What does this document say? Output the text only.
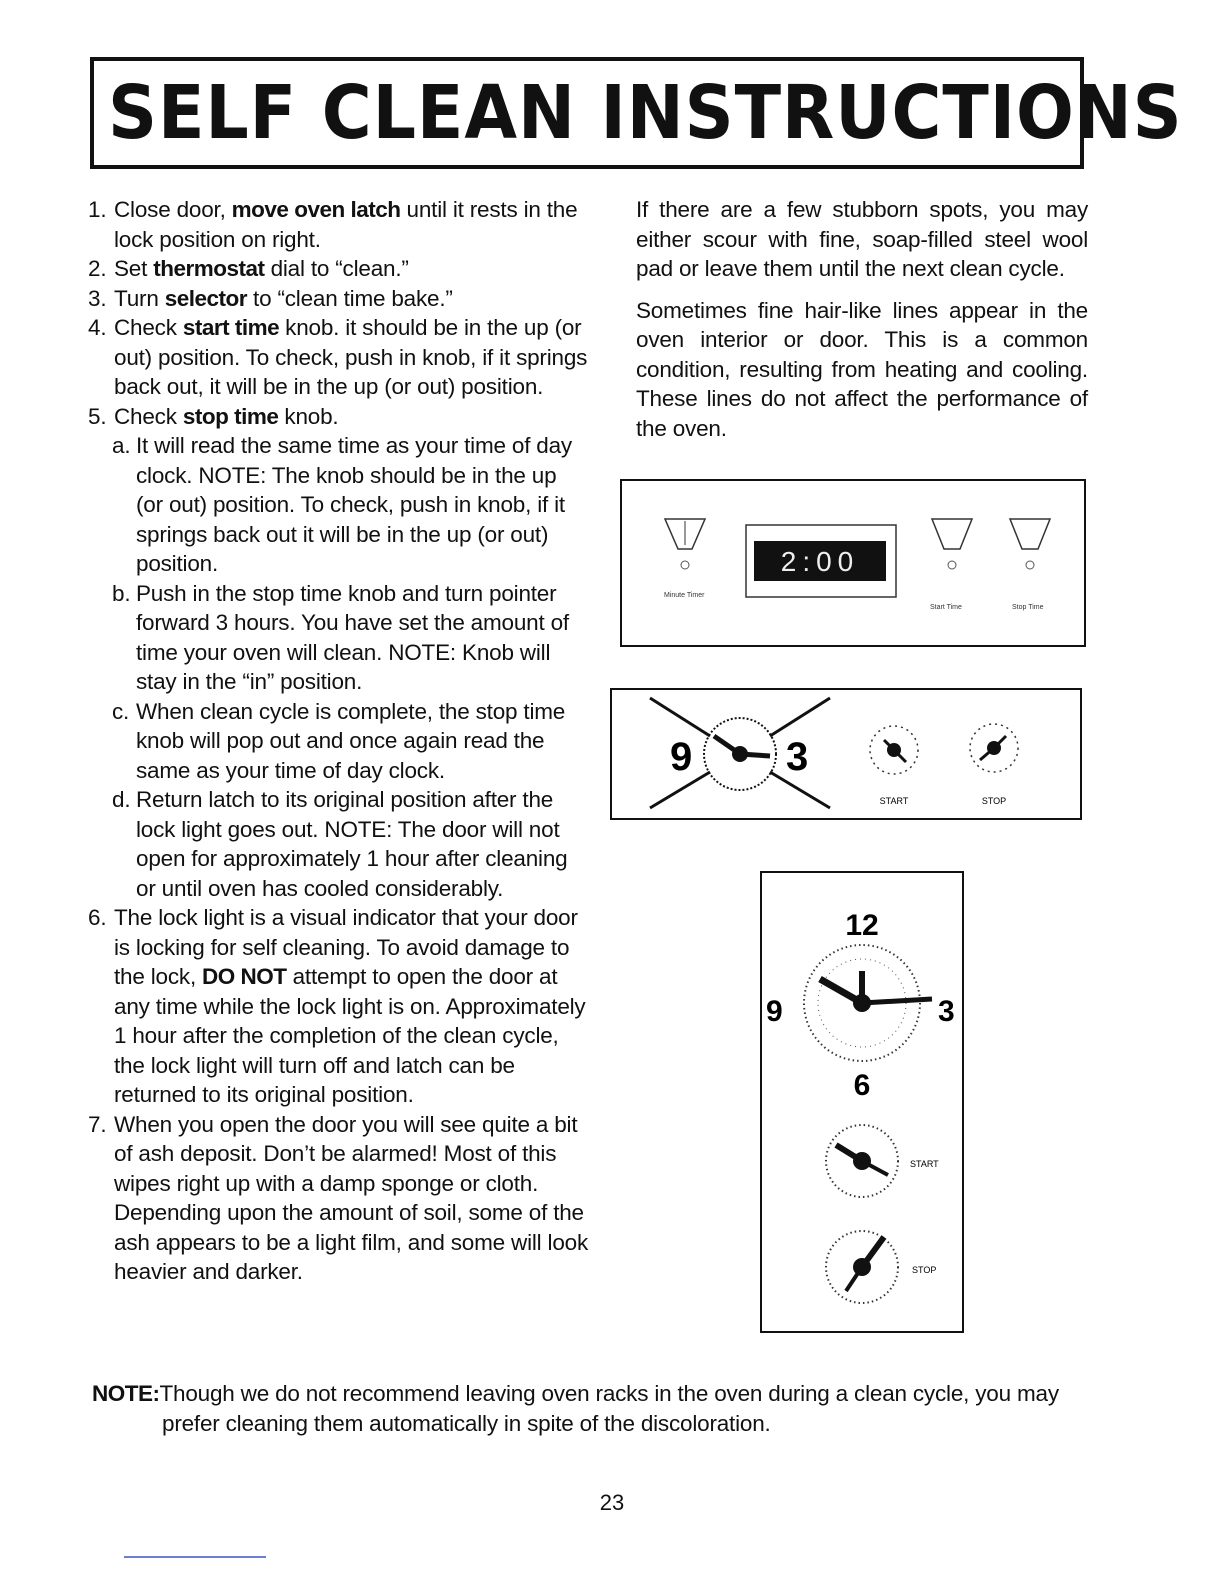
SELF CLEAN INSTRUCTIONS
1. Close door, move oven latch until it rests in the lock position on right.
2. Set thermostat dial to “clean.”
3. Turn selector to “clean time bake.”
4. Check start time knob. it should be in the up (or out) position. To check, push in knob, if it springs back out, it will be in the up (or out) position.
5. Check stop time knob.
a. It will read the same time as your time of day clock. NOTE: The knob should be in the up (or out) position. To check, push in knob, if it springs back out it will be in the up (or out) position.
b. Push in the stop time knob and turn pointer forward 3 hours. You have set the amount of time your oven will clean. NOTE: Knob will stay in the “in” position.
c. When clean cycle is complete, the stop time knob will pop out and once again read the same as your time of day clock.
d. Return latch to its original position after the lock light goes out. NOTE: The door will not open for approximately 1 hour after cleaning or until oven has cooled considerably.
6. The lock light is a visual indicator that your door is locking for self cleaning. To avoid damage to the lock, DO NOT attempt to open the door at any time while the lock light is on. Approximately 1 hour after the completion of the clean cycle, the lock light will turn off and latch can be returned to its original position.
7. When you open the door you will see quite a bit of ash deposit. Don’t be alarmed! Most of this wipes right up with a damp sponge or cloth. Depending upon the amount of soil, some of the ash appears to be a light film, and some will look heavier and darker.

If there are a few stubborn spots, you may either scour with fine, soap-filled steel wool pad or leave them until the next clean cycle.

Sometimes fine hair-like lines appear in the oven interior or door. This is a common condition, resulting from heating and cooling. These lines do not affect the performance of the oven.

Minute Timer
2:00
Start Time	Stop Time
9 3
START	STOP
12
9	3
6
START
STOP
NOTE:Though we do not recommend leaving oven racks in the oven during a clean cycle, you may
prefer cleaning them automatically in spite of the discoloration.
23
